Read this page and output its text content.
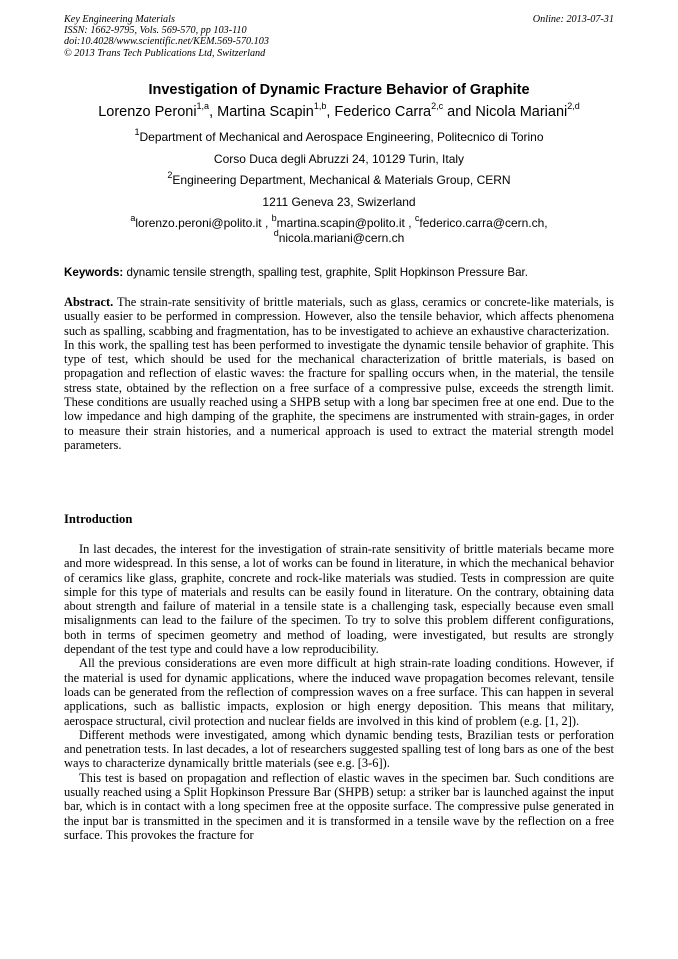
Key Engineering Materials
ISSN: 1662-9795, Vols. 569-570, pp 103-110
doi:10.4028/www.scientific.net/KEM.569-570.103
© 2013 Trans Tech Publications Ltd, Switzerland
Online: 2013-07-31
Investigation of Dynamic Fracture Behavior of Graphite
Lorenzo Peroni$^{1,a}$, Martina Scapin$^{1,b}$, Federico Carra$^{2,c}$ and Nicola Mariani$^{2,d}$
$^1$Department of Mechanical and Aerospace Engineering, Politecnico di Torino
Corso Duca degli Abruzzi 24, 10129 Turin, Italy
$^2$Engineering Department, Mechanical & Materials Group, CERN
1211 Geneva 23, Swizerland
$^a$lorenzo.peroni@polito.it , $^b$martina.scapin@polito.it , $^c$federico.carra@cern.ch,
$^d$nicola.mariani@cern.ch
Keywords: dynamic tensile strength, spalling test, graphite, Split Hopkinson Pressure Bar.

Abstract. The strain-rate sensitivity of brittle materials, such as glass, ceramics or concrete-like materials, is usually easier to be performed in compression. However, also the tensile behavior, which affects phenomena such as spalling, scabbing and fragmentation, has to be investigated to achieve an exhaustive characterization.

In this work, the spalling test has been performed to investigate the dynamic tensile behavior of graphite. This type of test, which should be used for the mechanical characterization of brittle materials, is based on propagation and reflection of elastic waves: the fracture for spalling occurs when, in the material, the tensile stress state, obtained by the reflection on a free surface of a compressive pulse, exceeds the strength limit. These conditions are usually reached using a SHPB setup with a long bar specimen free at one end. Due to the low impedance and high damping of the graphite, the specimens are instrumented with strain-gages, in order to measure their strain histories, and a numerical approach is used to extract the material strength model parameters.

Introduction

In last decades, the interest for the investigation of strain-rate sensitivity of brittle materials became more and more widespread. In this sense, a lot of works can be found in literature, in which the mechanical behavior of ceramics like glass, graphite, concrete and rock-like materials was studied. Tests in compression are quite simple for this type of materials and results can be easily found in literature. On the contrary, obtaining data about strength and failure of material in a tensile state is a challenging task, especially because even small misalignments can lead to the failure of the specimen. To try to solve this problem different configurations, both in terms of specimen geometry and method of loading, were investigated, but results are strongly dependant of the test type and could have a low reproducibility.

All the previous considerations are even more difficult at high strain-rate loading conditions. However, if the material is used for dynamic applications, where the induced wave propagation becomes relevant, tensile loads can be generated from the reflection of compression waves on a free surface. This can happen in several applications, such as ballistic impacts, explosion or high energy deposition. This means that military, aerospace structural, civil protection and nuclear fields are involved in this kind of problem (e.g. [1, 2]).

Different methods were investigated, among which dynamic bending tests, Brazilian tests or perforation and penetration tests. In last decades, a lot of researchers suggested spalling test of long bars as one of the best ways to characterize dynamically brittle materials (see e.g. [3-6]).

This test is based on propagation and reflection of elastic waves in the specimen bar. Such conditions are usually reached using a Split Hopkinson Pressure Bar (SHPB) setup: a striker bar is launched against the input bar, which is in contact with a long specimen free at the opposite surface. The compressive pulse generated in the input bar is transmitted in the specimen and it is transformed in a tensile wave by the reflection on a free surface. This provokes the fracture for
